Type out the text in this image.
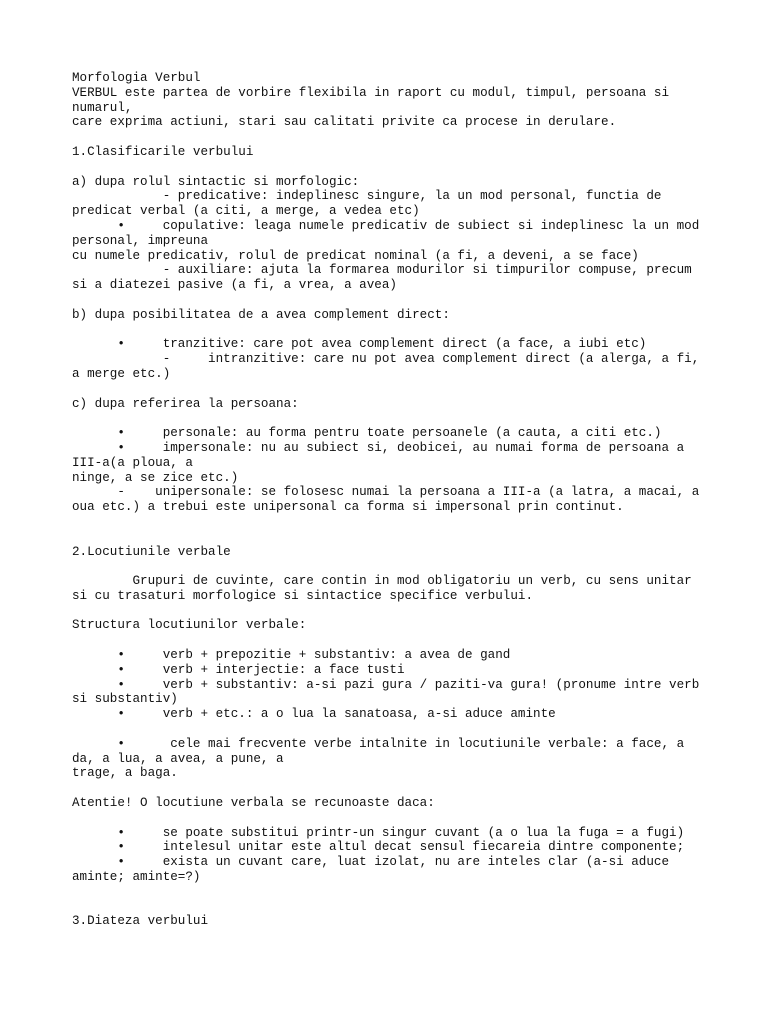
Morfologia Verbul
VERBUL este partea de vorbire flexibila in raport cu modul, timpul, persoana si
numarul,
care exprima actiuni, stari sau calitati privite ca procese in derulare.
1.Clasificarile verbului
a) dupa rolul sintactic si morfologic:
- predicative: indeplinesc singure, la un mod personal, functia de
predicat verbal (a citi, a merge, a vedea etc)
•     copulative: leaga numele predicativ de subiect si indeplinesc la un mod
personal, impreuna
cu numele predicativ, rolul de predicat nominal (a fi, a deveni, a se face)
- auxiliare: ajuta la formarea modurilor si timpurilor compuse, precum
si a diatezei pasive (a fi, a vrea, a avea)
b) dupa posibilitatea de a avea complement direct:
•     tranzitive: care pot avea complement direct (a face, a iubi etc)
-     intranzitive: care nu pot avea complement direct (a alerga, a fi,
a merge etc.)
c) dupa referirea la persoana:
•     personale: au forma pentru toate persoanele (a cauta, a citi etc.)
•     impersonale: nu au subiect si, deobicei, au numai forma de persoana a
III-a(a ploua, a
ninge, a se zice etc.)
-    unipersonale: se folosesc numai la persoana a III-a (a latra, a macai, a
oua etc.) a trebui este unipersonal ca forma si impersonal prin continut.
2.Locutiunile verbale
Grupuri de cuvinte, care contin in mod obligatoriu un verb, cu sens unitar
si cu trasaturi morfologice si sintactice specifice verbului.
Structura locutiunilor verbale:
•     verb + prepozitie + substantiv: a avea de gand
•     verb + interjectie: a face tusti
•     verb + substantiv: a-si pazi gura / paziti-va gura! (pronume intre verb
si substantiv)
•     verb + etc.: a o lua la sanatoasa, a-si aduce aminte
•      cele mai frecvente verbe intalnite in locutiunile verbale: a face, a
da, a lua, a avea, a pune, a
trage, a baga.
Atentie! O locutiune verbala se recunoaste daca:
•     se poate substitui printr-un singur cuvant (a o lua la fuga = a fugi)
•     intelesul unitar este altul decat sensul fiecareia dintre componente;
•     exista un cuvant care, luat izolat, nu are inteles clar (a-si aduce
aminte; aminte=?)
3.Diateza verbului
